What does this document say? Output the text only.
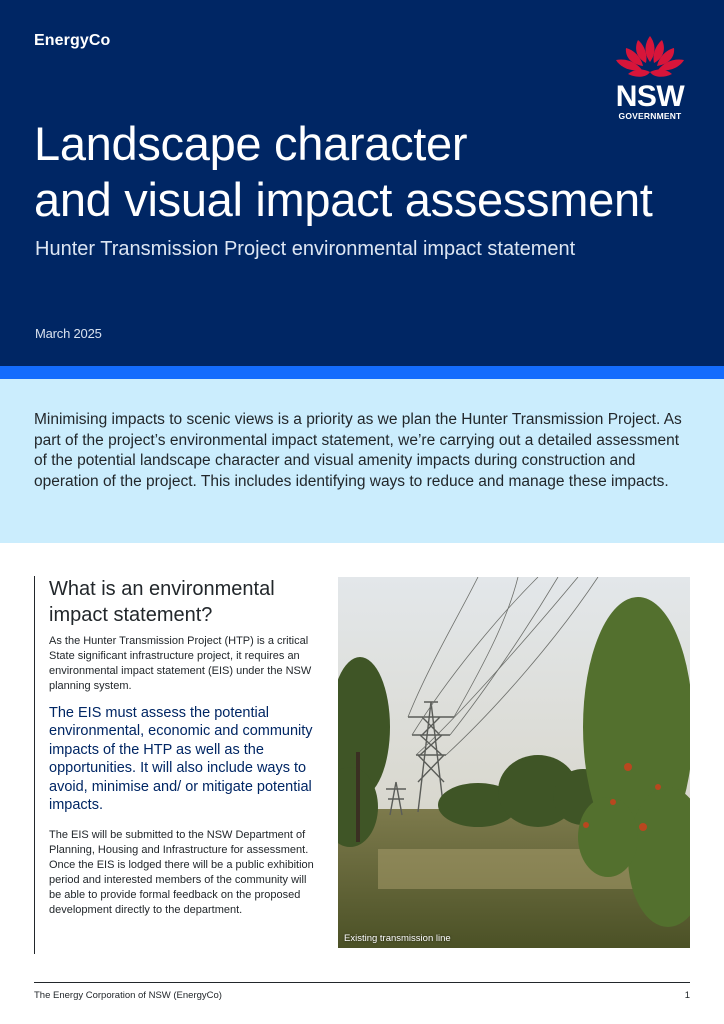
EnergyCo
NSW
GOVERNMENT
Landscape character
and visual impact assessment
Hunter Transmission Project environmental impact statement
March 2025

Minimising impacts to scenic views is a priority as we plan the Hunter Transmission Project. As part of the project’s environmental impact statement, we’re carrying out a detailed assessment of the potential landscape character and visual amenity impacts during construction and operation of the project. This includes identifying ways to reduce and manage these impacts.

What is an environmental impact statement?

As the Hunter Transmission Project (HTP) is a critical State significant infrastructure project, it requires an environmental impact statement (EIS) under the NSW planning system.

The EIS must assess the potential environmental, economic and community impacts of the HTP as well as the opportunities. It will also include ways to avoid, minimise and/ or mitigate potential impacts.

The EIS will be submitted to the NSW Department of Planning, Housing and Infrastructure for assessment. Once the EIS is lodged there will be a public exhibition period and interested members of the community will be able to provide formal feedback on the proposed development directly to the department.

Existing transmission line
The Energy Corporation of NSW (EnergyCo)	1
